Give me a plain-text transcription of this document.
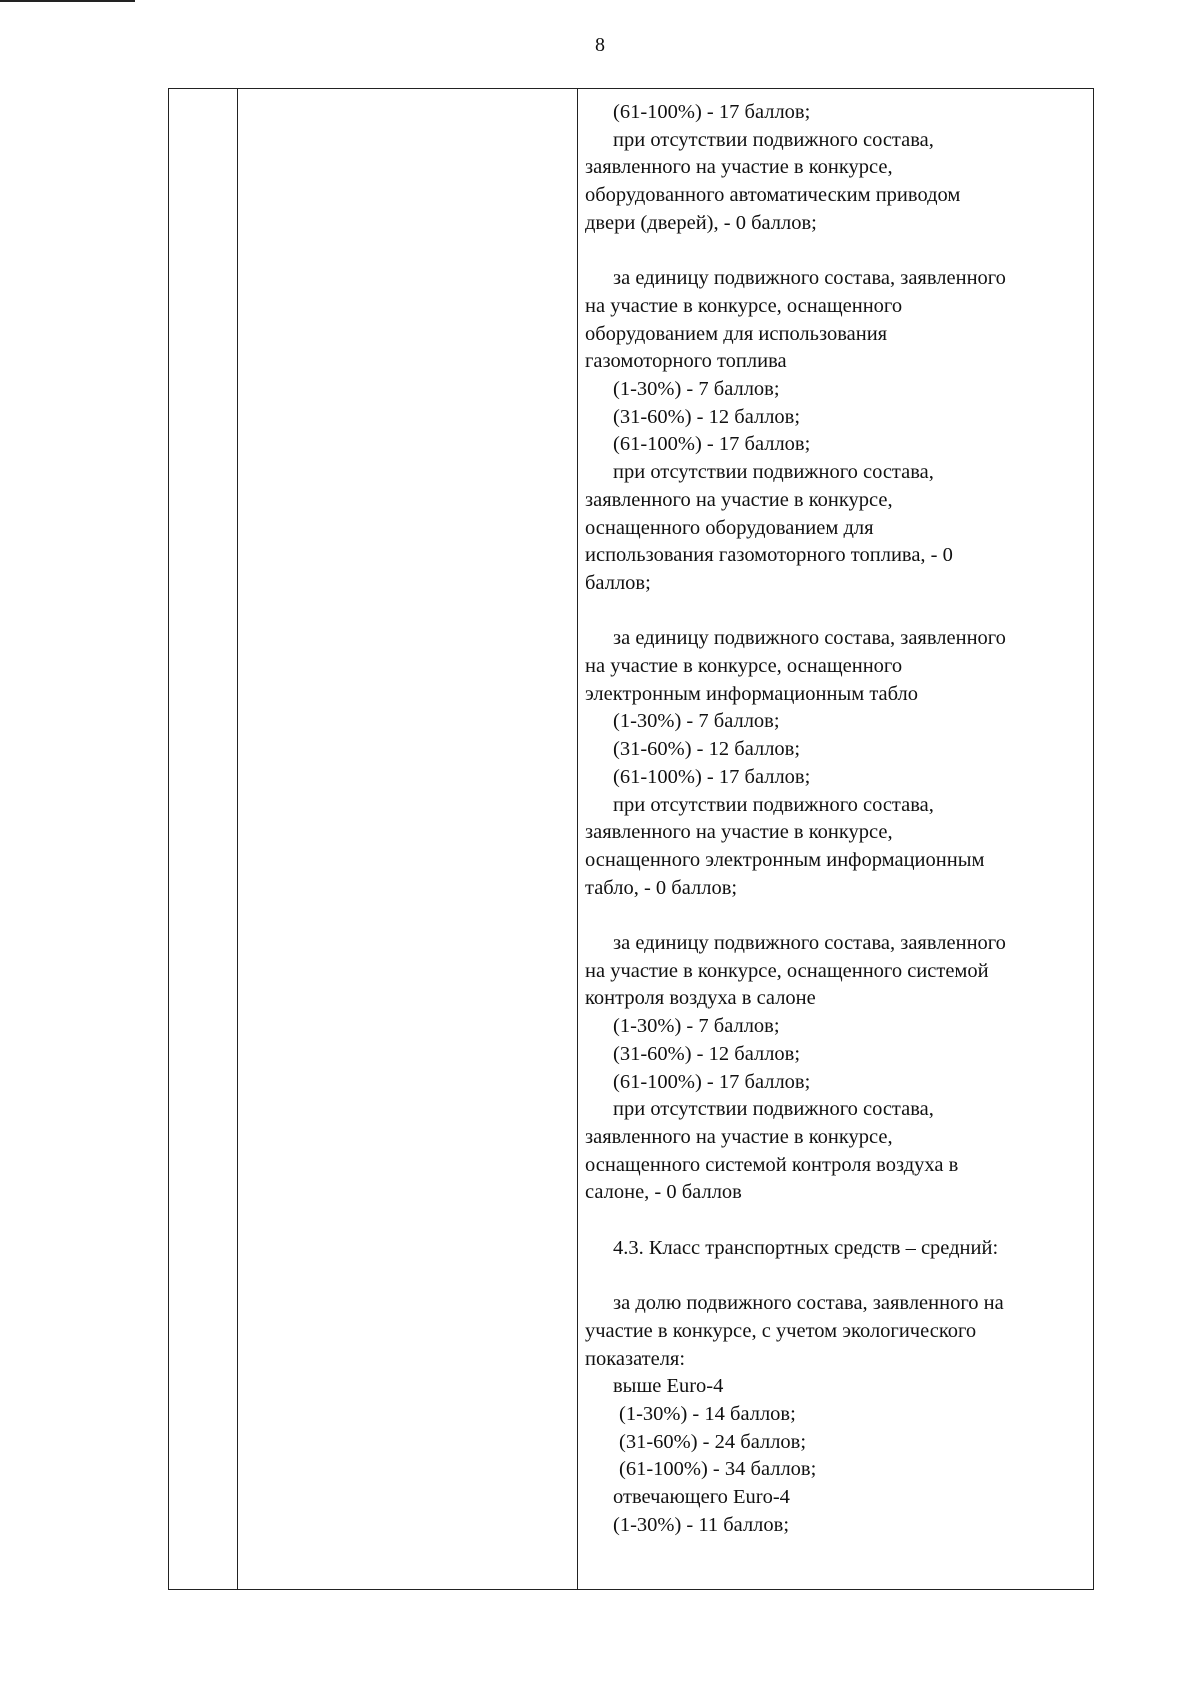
8
(61-100%) - 17 баллов;
при отсутствии подвижного состава,
заявленного на участие в конкурсе,
оборудованного автоматическим приводом
двери (дверей), - 0 баллов;
за единицу подвижного состава, заявленного
на участие в конкурсе, оснащенного
оборудованием для использования
газомоторного топлива
(1-30%) - 7 баллов;
(31-60%) - 12 баллов;
(61-100%) - 17 баллов;
при отсутствии подвижного состава,
заявленного на участие в конкурсе,
оснащенного оборудованием для
использования газомоторного топлива, - 0
баллов;
за единицу подвижного состава, заявленного
на участие в конкурсе, оснащенного
электронным информационным табло
(1-30%) - 7 баллов;
(31-60%) - 12 баллов;
(61-100%) - 17 баллов;
при отсутствии подвижного состава,
заявленного на участие в конкурсе,
оснащенного электронным информационным
табло, - 0 баллов;
за единицу подвижного состава, заявленного
на участие в конкурсе, оснащенного системой
контроля воздуха в салоне
(1-30%) - 7 баллов;
(31-60%) - 12 баллов;
(61-100%) - 17 баллов;
при отсутствии подвижного состава,
заявленного на участие в конкурсе,
оснащенного системой контроля воздуха в
салоне, - 0 баллов
4.3. Класс транспортных средств – средний:
за долю подвижного состава, заявленного на
участие в конкурсе, с учетом экологического
показателя:
выше Euro-4
(1-30%) - 14 баллов;
(31-60%) - 24 баллов;
(61-100%) - 34 баллов;
отвечающего Euro-4
(1-30%) - 11 баллов;
